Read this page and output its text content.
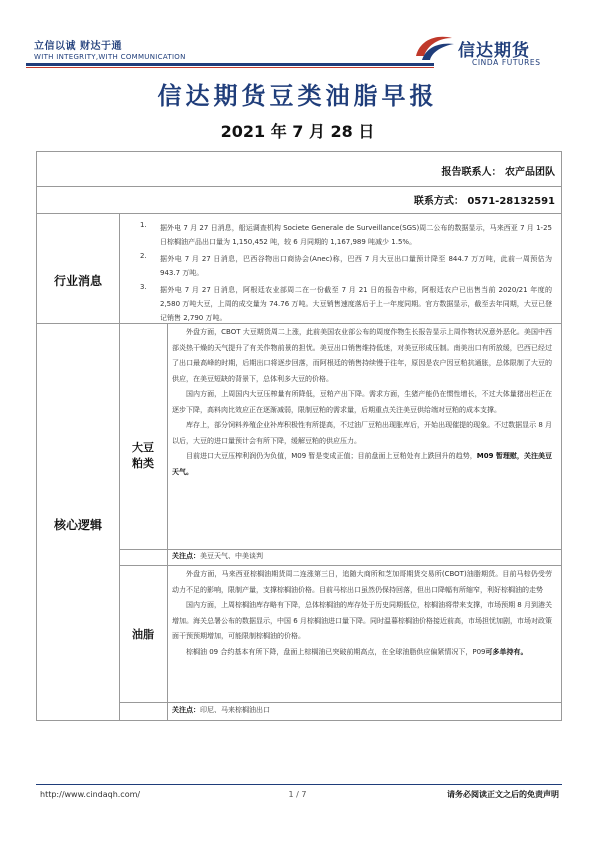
立信以诚 财达于通
WITH INTEGRITY,WITH COMMUNICATION	信达期货
CINDA FUTURES
信达期货豆类油脂早报
2021 年 7 月 28 日
报告联系人： 农产品团队
联系方式： 0571-28132591
行业消息
1.	据外电 7 月 27 日消息，船运调查机构 Societe Generale de Surveillance(SGS)周二公布的数据显示，马来西亚 7 月 1-25 日棕榈油产品出口量为 1,150,452 吨，较 6 月同期的 1,167,989 吨减少 1.5%。
2.	据外电 7 月 27 日消息，巴西谷物出口商协会(Anec)称，巴西 7 月大豆出口量预计降至 844.7 万万吨，此前一周预估为 943.7 万吨。
3.	据外电 7 月 27 日消息，阿根廷农业部周二在一份截至 7 月 21 日的报告中称，阿根廷农户已出售当前 2020/21 年度的 2,580 万吨大豆，上周的成交量为 74.76 万吨。大豆销售速度落后于上一年度同期。官方数据显示，截至去年同期，大豆已登记销售 2,790 万吨。
核心逻辑
大豆
粕类

外盘方面，CBOT 大豆期货周二上涨，此前美国农业部公布的周度作物生长报告显示上周作物状况意外恶化。美国中西部炎热干燥的天气提升了有关作物前景的担忧。美豆出口销售维持低迷，对美豆形成压制。南美出口有所放缓，巴西已经过了出口最高峰的时期，后期出口将逐步回落，而阿根廷的销售持续慢于往年，原因是农户因豆粕抗通胀，总体限制了大豆的供应，在美豆短缺的背景下，总体利多大豆的价格。

国内方面，上周国内大豆压榨量有所降低，豆粕产出下降。需求方面，生猪产能仍在惯性增长，不过大体量猪出栏正在逐步下降，高料肉比效应正在逐渐减弱，限制豆粕的需求量，后期重点关注美豆供给端对豆粕的成本支撑。

库存上，部分饲料养殖企业补库积极性有所提高，不过油厂豆粕出现胀库后，开始出现催提的现象。不过数据显示 8 月以后，大豆的进口量预计会有所下降，缓解豆粕的供应压力。

目前进口大豆压榨利润仍为负值，M09 暂是变成正值；目前盘面上豆粕处有上跌回升的趋势，M09 暂理慰，关注美豆天气。

关注点：美豆天气、中美谈判
油脂

外盘方面，马来西亚棕榈油期货周二连涨第三日，追随大商所和芝加哥期货交易所(CBOT)油脂期货。目前马棕仍受劳动力不足的影响，限制产量，支撑棕榈油价格。目前马棕出口虽然仍保持回落，但出口降幅有所缩窄，利好棕榈油的走势

国内方面，上周棕榈油库存略有下降，总体棕榈油的库存处于历史同期低位，棕榈油将带来支撑，市场预期 8 月到港关增加。海关总署公布的数据显示，中国 6 月棕榈油进口量下降。同时温暮棕榈油价格接近前高，市场担忧加剧，市场对政策面干预预期增加，可能限制棕榈油的价格。

棕榈油 09 合约基本有所下降，盘面上棕榈油已突破前期高点，在全球油脂供应偏紧情况下，P09可多单持有。

关注点：印尼、马来棕榈油出口
http://www.cindaqh.com/	1 / 7	请务必阅读正文之后的免责声明
